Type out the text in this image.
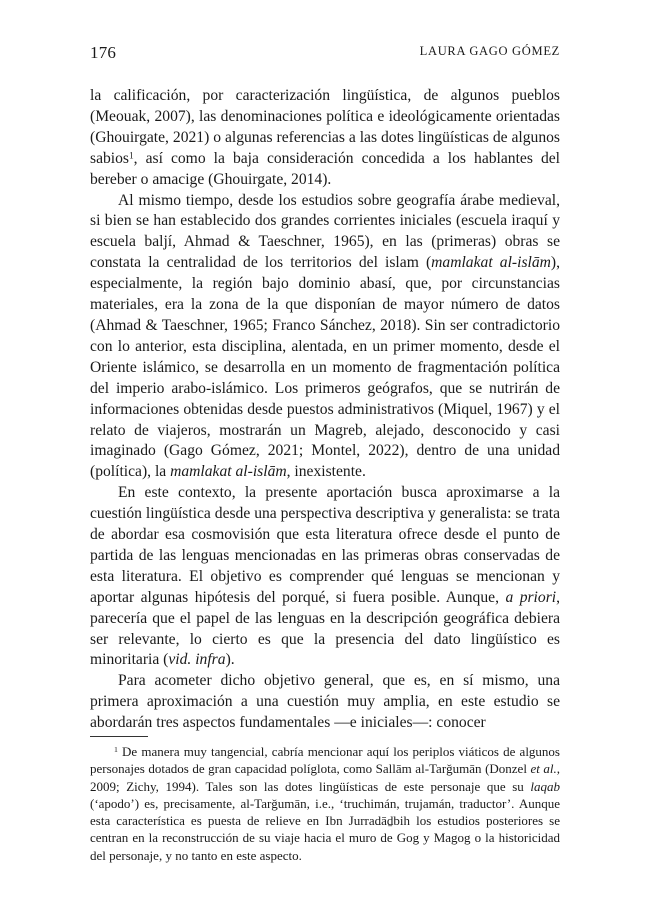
176	LAURA GAGO GÓMEZ

la calificación, por caracterización lingüística, de algunos pueblos (Meouak, 2007), las denominaciones política e ideológicamente orientadas (Ghouirgate, 2021) o algunas referencias a las dotes lingüísticas de algunos sabios$^1$, así como la baja consideración concedida a los hablantes del bereber o amacige (Ghouirgate, 2014).

Al mismo tiempo, desde los estudios sobre geografía árabe medieval, si bien se han establecido dos grandes corrientes iniciales (escuela iraquí y escuela baljí, Ahmad & Taeschner, 1965), en las (primeras) obras se constata la centralidad de los territorios del islam (mamlakat al-islām), especialmente, la región bajo dominio abasí, que, por circunstancias materiales, era la zona de la que disponían de mayor número de datos (Ahmad & Taeschner, 1965; Franco Sánchez, 2018). Sin ser contradictorio con lo anterior, esta disciplina, alentada, en un primer momento, desde el Oriente islámico, se desarrolla en un momento de fragmentación política del imperio arabo-islámico. Los primeros geógrafos, que se nutrirán de informaciones obtenidas desde puestos administrativos (Miquel, 1967) y el relato de viajeros, mostrarán un Magreb, alejado, desconocido y casi imaginado (Gago Gómez, 2021; Montel, 2022), dentro de una unidad (política), la mamlakat al-islām, inexistente.

En este contexto, la presente aportación busca aproximarse a la cuestión lingüística desde una perspectiva descriptiva y generalista: se trata de abordar esa cosmovisión que esta literatura ofrece desde el punto de partida de las lenguas mencionadas en las primeras obras conservadas de esta literatura. El objetivo es comprender qué lenguas se mencionan y aportar algunas hipótesis del porqué, si fuera posible. Aunque, a priori, parecería que el papel de las lenguas en la descripción geográfica debiera ser relevante, lo cierto es que la presencia del dato lingüístico es minoritaria (vid. infra).

Para acometer dicho objetivo general, que es, en sí mismo, una primera aproximación a una cuestión muy amplia, en este estudio se abordarán tres aspectos fundamentales —e iniciales—: conocer

$^1$ De manera muy tangencial, cabría mencionar aquí los periplos viáticos de algunos personajes dotados de gran capacidad políglota, como Sallām al-Tarǧumān (Donzel et al., 2009; Zichy, 1994). Tales son las dotes lingüísticas de este personaje que su laqab (‘apodo’) es, precisamente, al-Tarǧumān, i.e., ‘truchimán, trujamán, traductor’. Aunque esta característica es puesta de relieve en Ibn Jurradāḏbih los estudios posteriores se centran en la reconstrucción de su viaje hacia el muro de Gog y Magog o la historicidad del personaje, y no tanto en este aspecto.
